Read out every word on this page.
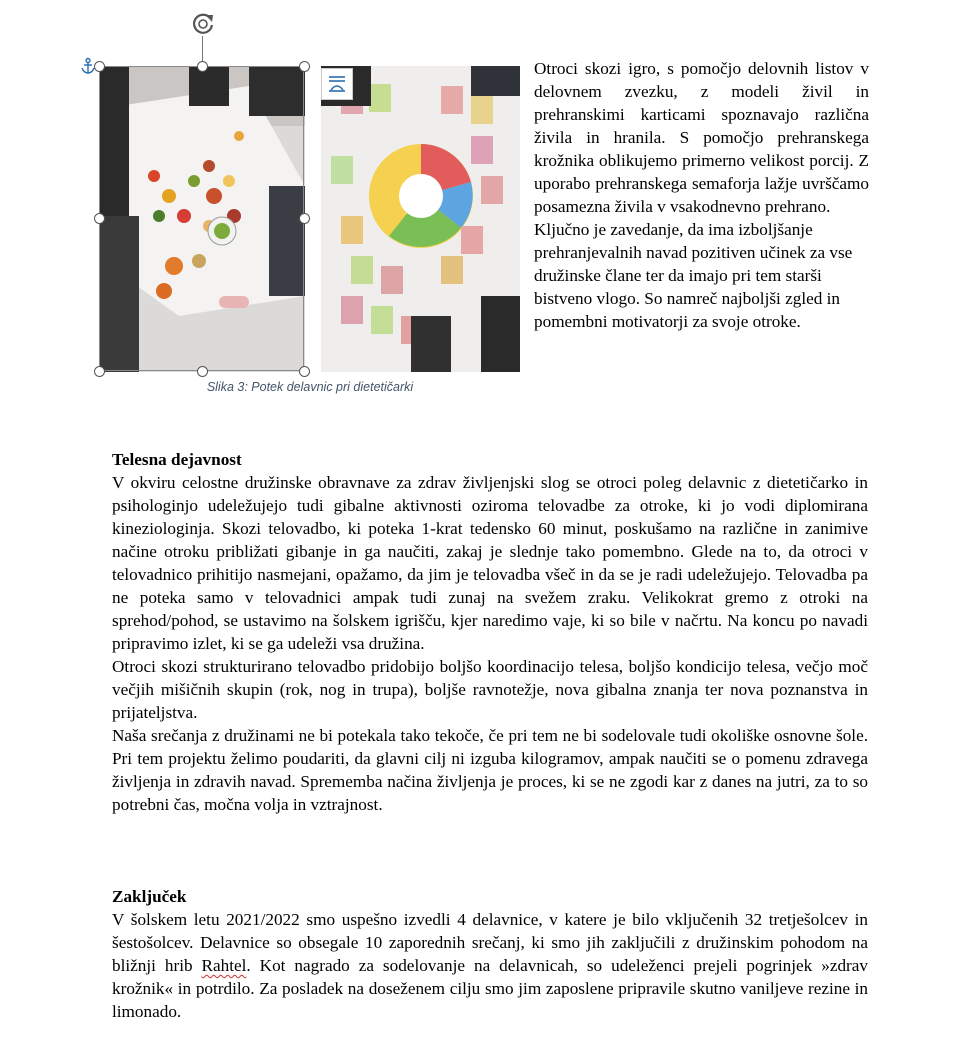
Slika 3: Potek delavnic pri dietetičarki

Otroci skozi igro, s pomočjo delovnih listov v delovnem zvezku, z modeli živil in prehranskimi karticami spoznavajo različna živila in hranila. S pomočjo prehranskega krožnika oblikujemo primerno velikost porcij. Z uporabo prehranskega semaforja lažje uvrščamo posamezna živila v vsakodnevno prehrano.

Ključno je zavedanje, da ima izboljšanje prehranjevalnih navad pozitiven učinek za vse družinske člane ter da imajo pri tem starši bistveno vlogo. So namreč najboljši zgled in pomembni motivatorji za svoje otroke.

Telesna dejavnost

V okviru celostne družinske obravnave za zdrav življenjski slog se otroci poleg delavnic z dietetičarko in psihologinjo udeležujejo tudi gibalne aktivnosti oziroma telovadbe za otroke, ki jo vodi diplomirana kineziologinja. Skozi telovadbo, ki poteka 1-krat tedensko 60 minut, poskušamo na različne in zanimive načine otroku približati gibanje in ga naučiti, zakaj je slednje tako pomembno. Glede na to, da otroci v telovadnico prihitijo nasmejani, opažamo, da jim je telovadba všeč in da se je radi udeležujejo. Telovadba pa ne poteka samo v telovadnici ampak tudi zunaj na svežem zraku. Velikokrat gremo z otroki na sprehod/pohod, se ustavimo na šolskem igrišču, kjer naredimo vaje, ki so bile v načrtu. Na koncu po navadi pripravimo izlet, ki se ga udeleži vsa družina.

Otroci skozi strukturirano telovadbo pridobijo boljšo koordinacijo telesa, boljšo kondicijo telesa, večjo moč večjih mišičnih skupin (rok, nog in trupa), boljše ravnotežje, nova gibalna znanja ter nova poznanstva in prijateljstva.

Naša srečanja z družinami ne bi potekala tako tekoče, če pri tem ne bi sodelovale tudi okoliške osnovne šole. Pri tem projektu želimo poudariti, da glavni cilj ni izguba kilogramov, ampak naučiti se o pomenu zdravega življenja in zdravih navad. Sprememba načina življenja je proces, ki se ne zgodi kar z danes na jutri, za to so potrebni čas, močna volja in vztrajnost.

Zaključek

V šolskem letu 2021/2022 smo uspešno izvedli 4 delavnice, v katere je bilo vključenih 32 tretješolcev in šestošolcev. Delavnice so obsegale 10 zaporednih srečanj, ki smo jih zaključili z družinskim pohodom na bližnji hrib Rahtel. Kot nagrado za sodelovanje na delavnicah, so udeleženci prejeli pogrinjek »zdrav krožnik« in potrdilo. Za posladek na doseženem cilju smo jim zaposlene pripravile skutno vaniljeve rezine in limonado.
